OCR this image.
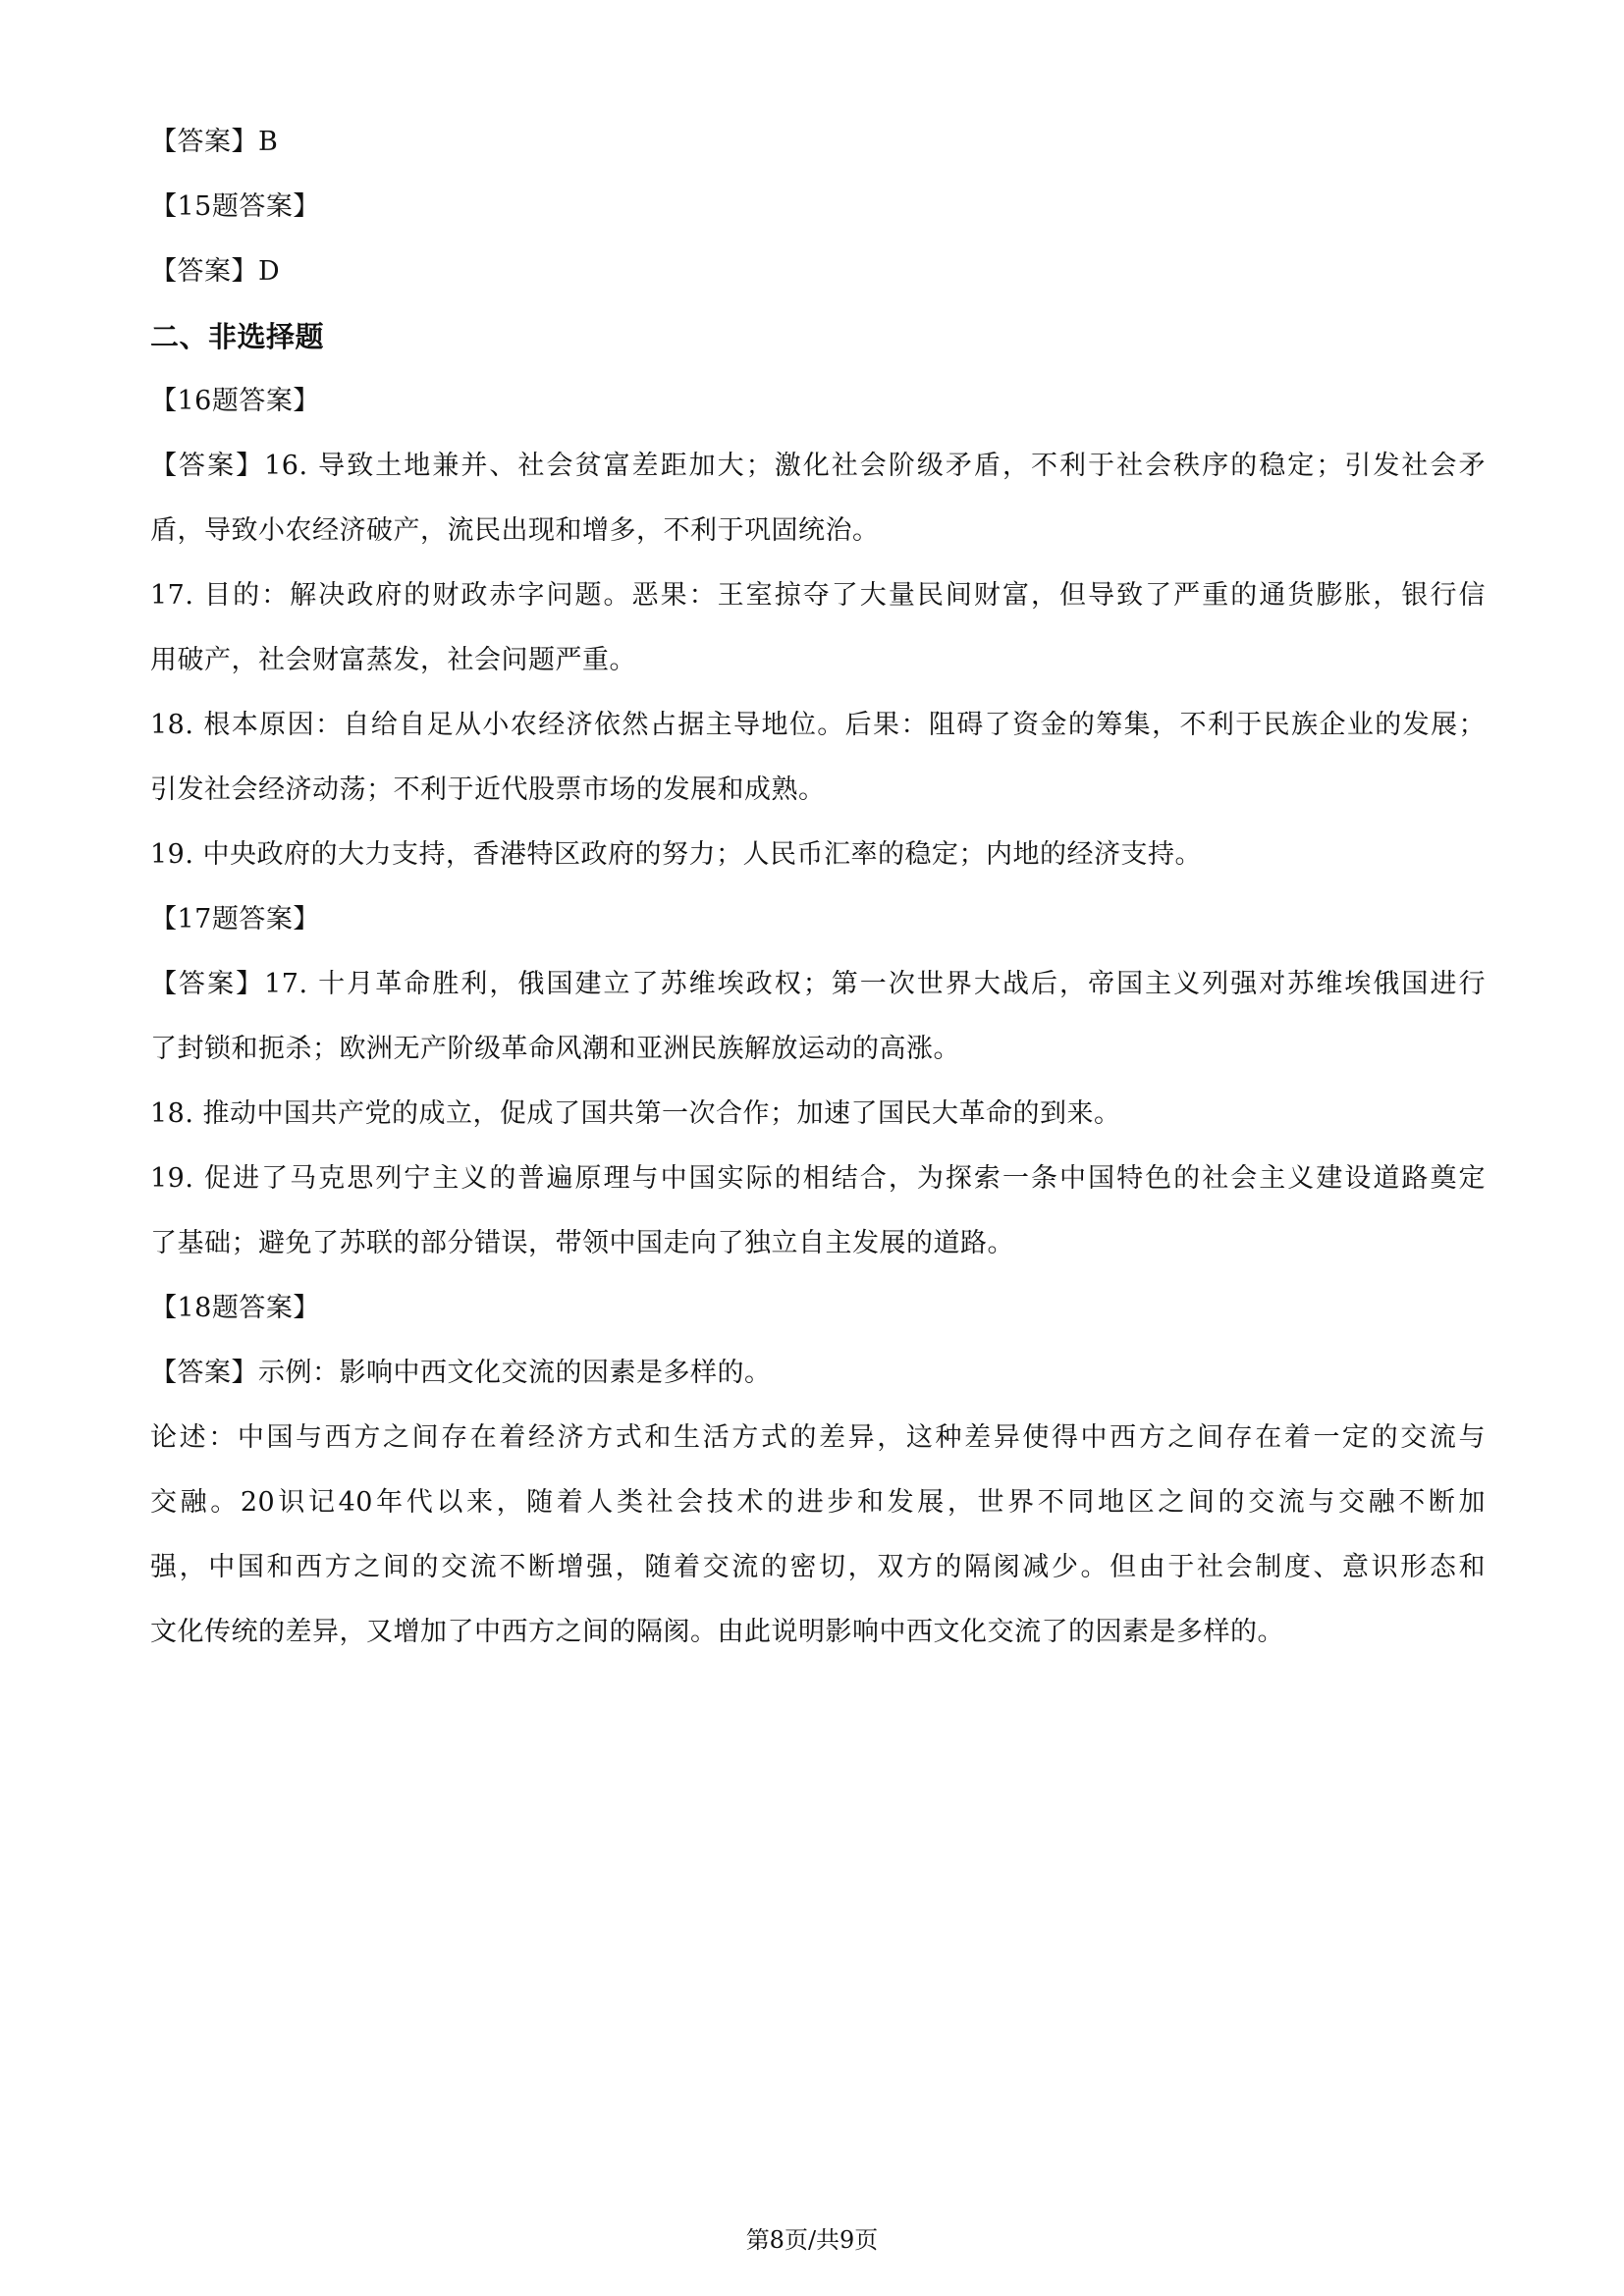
【答案】B
【15题答案】
【答案】D
二、非选择题
【16题答案】
【答案】16. 导致土地兼并、社会贫富差距加大；激化社会阶级矛盾，不利于社会秩序的稳定；引发社会矛
盾，导致小农经济破产，流民出现和增多，不利于巩固统治。
17. 目的：解决政府的财政赤字问题。恶果：王室掠夺了大量民间财富，但导致了严重的通货膨胀，银行信
用破产，社会财富蒸发，社会问题严重。
18. 根本原因：自给自足从小农经济依然占据主导地位。后果：阻碍了资金的筹集，不利于民族企业的发展；
引发社会经济动荡；不利于近代股票市场的发展和成熟。
19. 中央政府的大力支持，香港特区政府的努力；人民币汇率的稳定；内地的经济支持。
【17题答案】
【答案】17. 十月革命胜利，俄国建立了苏维埃政权；第一次世界大战后，帝国主义列强对苏维埃俄国进行
了封锁和扼杀；欧洲无产阶级革命风潮和亚洲民族解放运动的高涨。
18. 推动中国共产党的成立，促成了国共第一次合作；加速了国民大革命的到来。
19. 促进了马克思列宁主义的普遍原理与中国实际的相结合，为探索一条中国特色的社会主义建设道路奠定
了基础；避免了苏联的部分错误，带领中国走向了独立自主发展的道路。
【18题答案】
【答案】示例：影响中西文化交流的因素是多样的。
论述：中国与西方之间存在着经济方式和生活方式的差异，这种差异使得中西方之间存在着一定的交流与
交融。20识记40年代以来，随着人类社会技术的进步和发展，世界不同地区之间的交流与交融不断加
强，中国和西方之间的交流不断增强，随着交流的密切，双方的隔阂减少。但由于社会制度、意识形态和
文化传统的差异，又增加了中西方之间的隔阂。由此说明影响中西文化交流了的因素是多样的。
第8页/共9页
